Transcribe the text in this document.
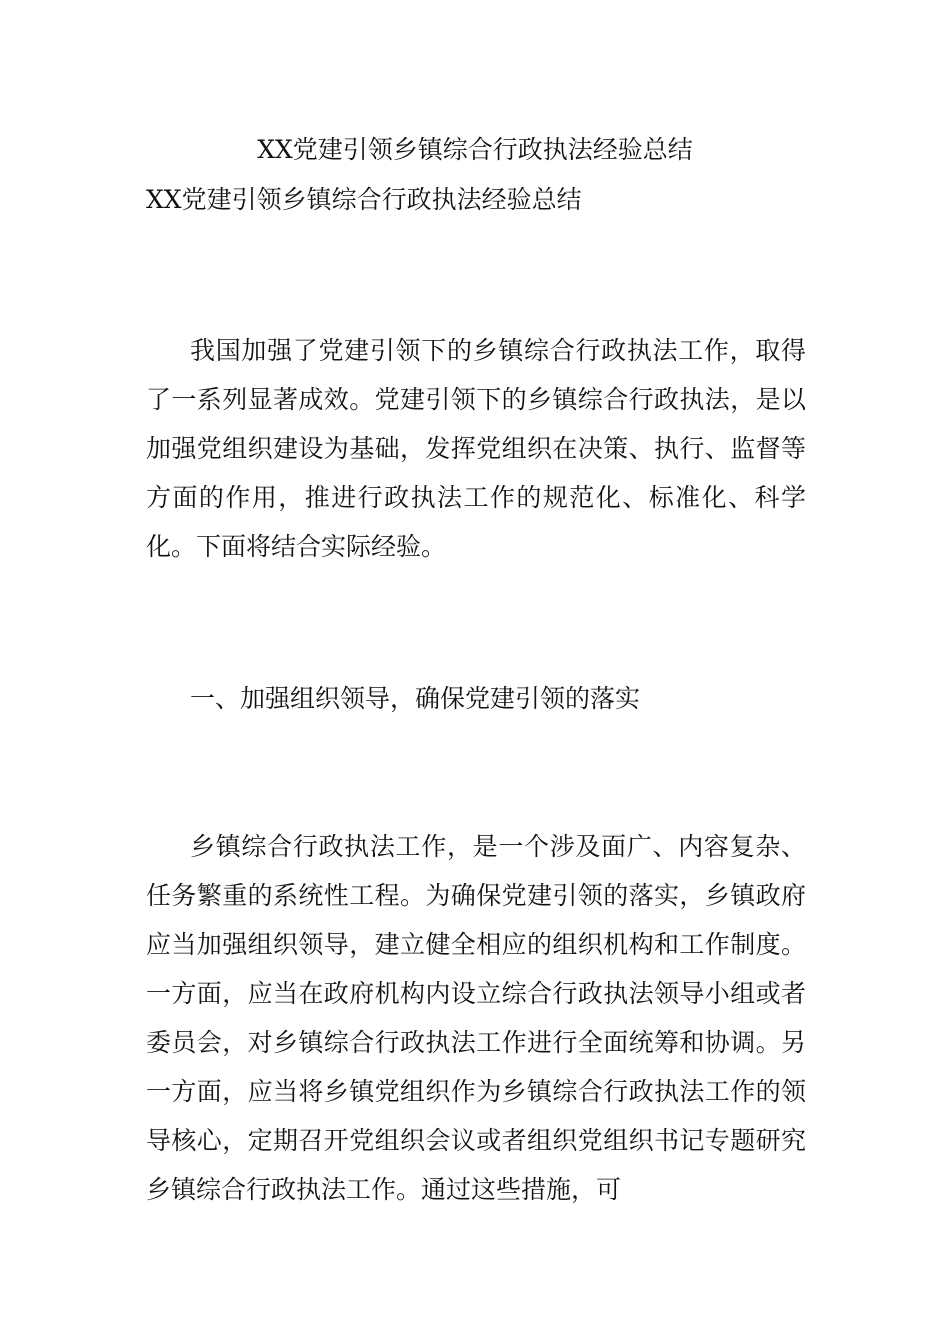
XX党建引领乡镇综合行政执法经验总结
XX党建引领乡镇综合行政执法经验总结

我国加强了党建引领下的乡镇综合行政执法工作，取得了一系列显著成效。党建引领下的乡镇综合行政执法，是以加强党组织建设为基础，发挥党组织在决策、执行、监督等方面的作用，推进行政执法工作的规范化、标准化、科学化。下面将结合实际经验。

一、加强组织领导，确保党建引领的落实

乡镇综合行政执法工作，是一个涉及面广、内容复杂、任务繁重的系统性工程。为确保党建引领的落实，乡镇政府应当加强组织领导，建立健全相应的组织机构和工作制度。一方面，应当在政府机构内设立综合行政执法领导小组或者委员会，对乡镇综合行政执法工作进行全面统筹和协调。另一方面，应当将乡镇党组织作为乡镇综合行政执法工作的领导核心，定期召开党组织会议或者组织党组织书记专题研究乡镇综合行政执法工作。通过这些措施，可
